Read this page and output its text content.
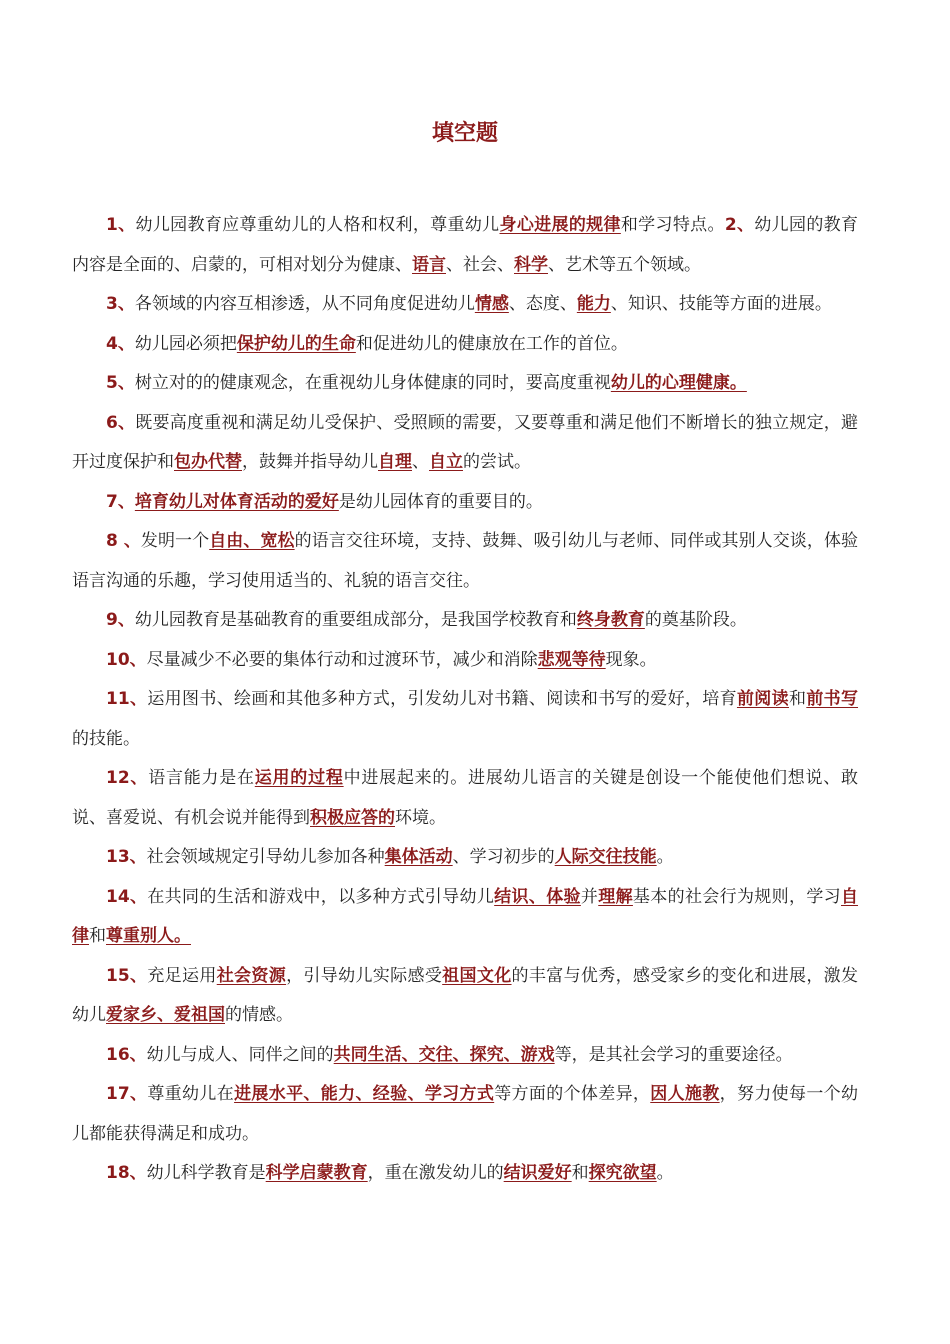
填空题

1、幼儿园教育应尊重幼儿的人格和权利，尊重幼儿身心进展的规律和学习特点。2、幼儿园的教育内容是全面的、启蒙的，可相对划分为健康、语言、社会、科学、艺术等五个领域。

3、各领域的内容互相渗透，从不同角度促进幼儿情感、态度、能力、知识、技能等方面的进展。

4、幼儿园必须把保护幼儿的生命和促进幼儿的健康放在工作的首位。

5、树立对的的健康观念，在重视幼儿身体健康的同时，要高度重视幼儿的心理健康。

6、既要高度重视和满足幼儿受保护、受照顾的需要，又要尊重和满足他们不断增长的独立规定，避开过度保护和包办代替，鼓舞并指导幼儿自理、自立的尝试。

7、培育幼儿对体育活动的爱好是幼儿园体育的重要目的。

8 、发明一个自由、宽松的语言交往环境，支持、鼓舞、吸引幼儿与老师、同伴或其别人交谈，体验语言沟通的乐趣，学习使用适当的、礼貌的语言交往。

9、幼儿园教育是基础教育的重要组成部分，是我国学校教育和终身教育的奠基阶段。

10、尽量减少不必要的集体行动和过渡环节，减少和消除悲观等待现象。

11、运用图书、绘画和其他多种方式，引发幼儿对书籍、阅读和书写的爱好，培育前阅读和前书写的技能。

12、语言能力是在运用的过程中进展起来的。进展幼儿语言的关键是创设一个能使他们想说、敢说、喜爱说、有机会说并能得到积极应答的环境。

13、社会领域规定引导幼儿参加各种集体活动、学习初步的人际交往技能。

14、在共同的生活和游戏中，以多种方式引导幼儿结识、体验并理解基本的社会行为规则，学习自律和尊重别人。

15、充足运用社会资源，引导幼儿实际感受祖国文化的丰富与优秀，感受家乡的变化和进展，激发幼儿爱家乡、爱祖国的情感。

16、幼儿与成人、同伴之间的共同生活、交往、探究、游戏等，是其社会学习的重要途径。

17、尊重幼儿在进展水平、能力、经验、学习方式等方面的个体差异，因人施教，努力使每一个幼儿都能获得满足和成功。

18、幼儿科学教育是科学启蒙教育，重在激发幼儿的结识爱好和探究欲望。
